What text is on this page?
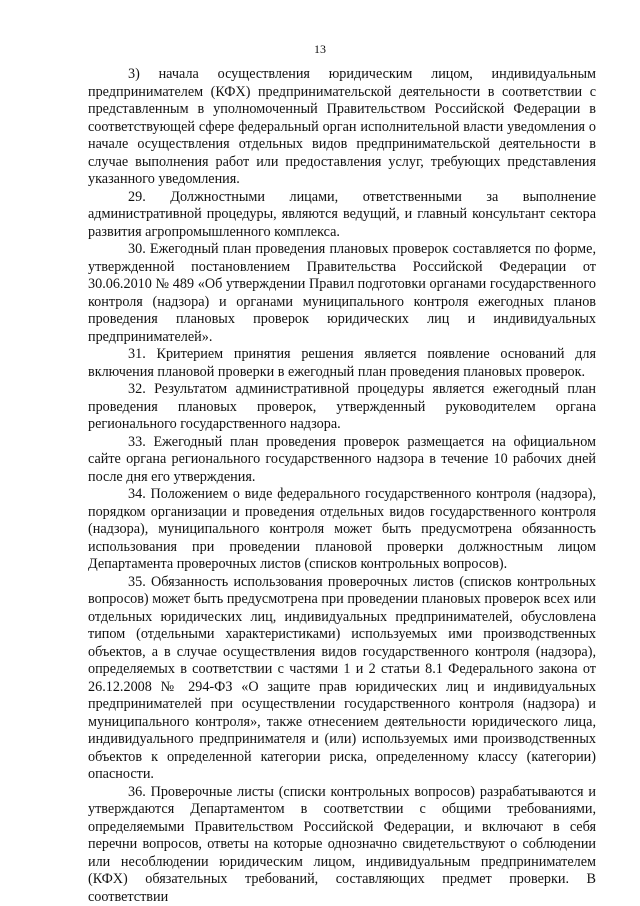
13

3) начала осуществления юридическим лицом, индивидуальным предпринимателем (КФХ) предпринимательской деятельности в соответствии с представленным в уполномоченный Правительством Российской Федерации в соответствующей сфере федеральный орган исполнительной власти уведомления о начале осуществления отдельных видов предпринимательской деятельности в случае выполнения работ или предоставления услуг, требующих представления указанного уведомления.

29. Должностными лицами, ответственными за выполнение административной процедуры, являются ведущий, и главный консультант сектора развития агропромышленного комплекса.

30. Ежегодный план проведения плановых проверок составляется по форме, утвержденной постановлением Правительства Российской Федерации от 30.06.2010 № 489 «Об утверждении Правил подготовки органами государственного контроля (надзора) и органами муниципального контроля ежегодных планов проведения плановых проверок юридических лиц и индивидуальных предпринимателей».

31. Критерием принятия решения является появление оснований для включения плановой проверки в ежегодный план проведения плановых проверок.

32. Результатом административной процедуры является ежегодный план проведения плановых проверок, утвержденный руководителем органа регионального государственного надзора.

33. Ежегодный план проведения проверок размещается на официальном сайте органа регионального государственного надзора в течение 10 рабочих дней после дня его утверждения.

34. Положением о виде федерального государственного контроля (надзора), порядком организации и проведения отдельных видов государственного контроля (надзора), муниципального контроля может быть предусмотрена обязанность использования при проведении плановой проверки должностным лицом Департамента проверочных листов (списков контрольных вопросов).

35. Обязанность использования проверочных листов (списков контрольных вопросов) может быть предусмотрена при проведении плановых проверок всех или отдельных юридических лиц, индивидуальных предпринимателей, обусловлена типом (отдельными характеристиками) используемых ими производственных объектов, а в случае осуществления видов государственного контроля (надзора), определяемых в соответствии с частями 1 и 2 статьи 8.1 Федерального закона от 26.12.2008 № 294-ФЗ «О защите прав юридических лиц и индивидуальных предпринимателей при осуществлении государственного контроля (надзора) и муниципального контроля», также отнесением деятельности юридического лица, индивидуального предпринимателя и (или) используемых ими производственных объектов к определенной категории риска, определенному классу (категории) опасности.

36. Проверочные листы (списки контрольных вопросов) разрабатываются и утверждаются Департаментом в соответствии с общими требованиями, определяемыми Правительством Российской Федерации, и включают в себя перечни вопросов, ответы на которые однозначно свидетельствуют о соблюдении или несоблюдении юридическим лицом, индивидуальным предпринимателем (КФХ) обязательных требований, составляющих предмет проверки. В соответствии
